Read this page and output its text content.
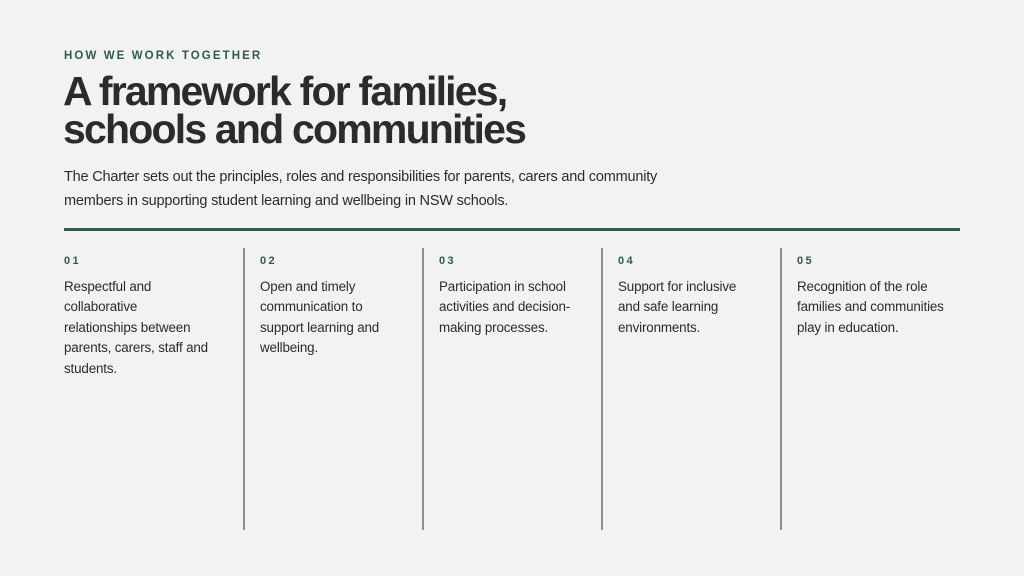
HOW WE WORK TOGETHER
A framework for families,
schools and communities

The Charter sets out the principles, roles and responsibilities for parents, carers and community
members in supporting student learning and wellbeing in NSW schools.

01
Respectful and
collaborative
relationships between
parents, carers, staff and
students.
02
Open and timely
communication to
support learning and
wellbeing.
03
Participation in school
activities and decision-
making processes.
04
Support for inclusive
and safe learning
environments.
05
Recognition of the role
families and communities
play in education.
